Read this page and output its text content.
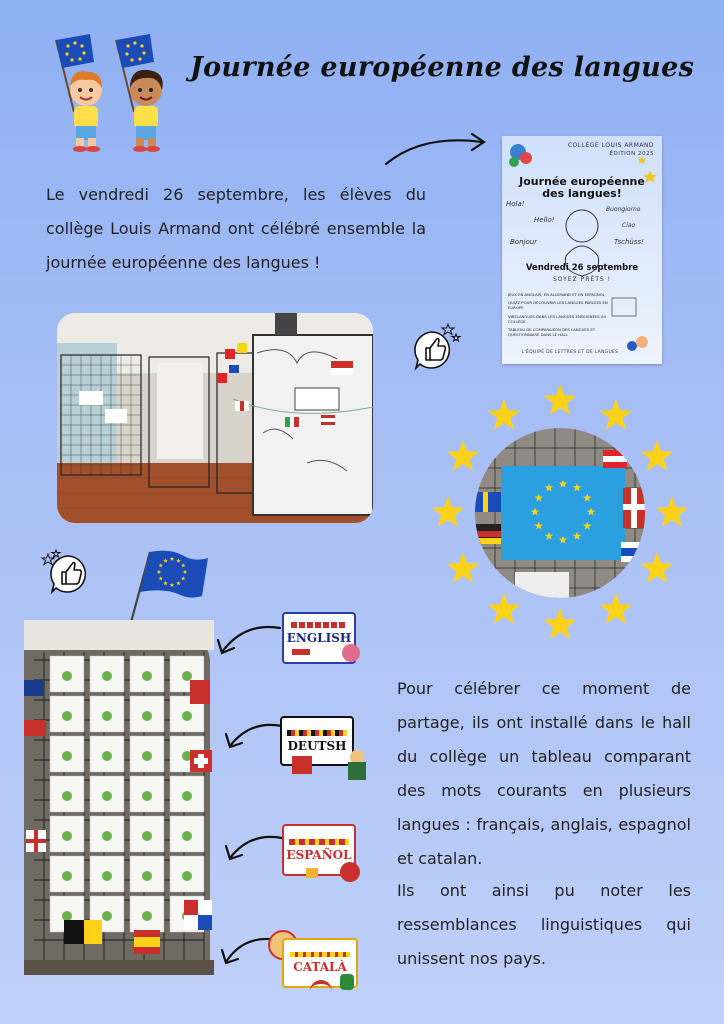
Journée européenne des langues
Le vendredi 26 septembre, les élèves du collège Louis Armand ont célébré ensemble la journée européenne des langues !
COLLÈGE LOUIS ARMAND
ÉDITION 2025
Journée européenne des langues!
Hola!
Hello!
Bonjour	Tschüss!
Buongiorno
Ciao
Vendredi 26 septembre
SOYEZ PRÊTS !
JEUX EN ANGLAIS, EN ALLEMAND ET EN ESPAGNOL
QUIZZ POUR DÉCOUVRIR LES LANGUES PARLÉES EN EUROPE
VIRELANGUES DANS LES LANGUES ENSEIGNÉES AU COLLÈGE
TABLEAU DE COMPARAISON DES LANGUES ET QUESTIONNAIRE DANS LE HALL
L'ÉQUIPE DE LETTRES ET DE LANGUES
ENGLISH
DEUTSH
ESPAÑOL
CATALÀ
Pour célébrer ce moment de partage, ils ont installé dans le hall du collège un tableau comparant des mots courants en plusieurs langues : français, anglais, espagnol et catalan.
Ils ont ainsi pu noter les ressemblances linguistiques qui unissent nos pays.
